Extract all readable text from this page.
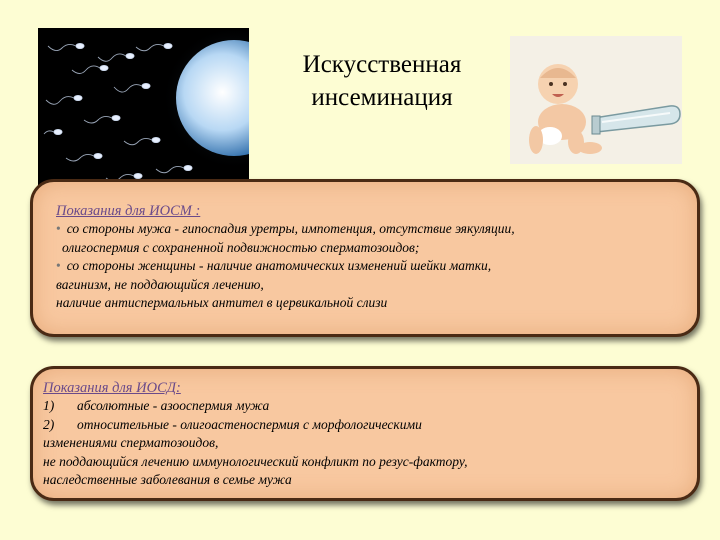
Искусственная
инсеминация
Показания для ИОСМ :
• со стороны мужа - гипоспадия уретры, импотенция, отсутствие эякуляции,
олигоспермия с сохраненной подвижностью сперматозоидов;
• со стороны женщины - наличие анатомических изменений шейки матки,
вагинизм, не поддающийся лечению,
наличие антиспермальных антител в цервикальной слизи
Показания для ИОСД:
1) абсолютные - азооспермия мужа
2) относительные - олигоастеноспермия с морфологическими
изменениями сперматозоидов,
не поддающийся лечению иммунологический конфликт по резус-фактору,
наследственные заболевания в семье мужа
